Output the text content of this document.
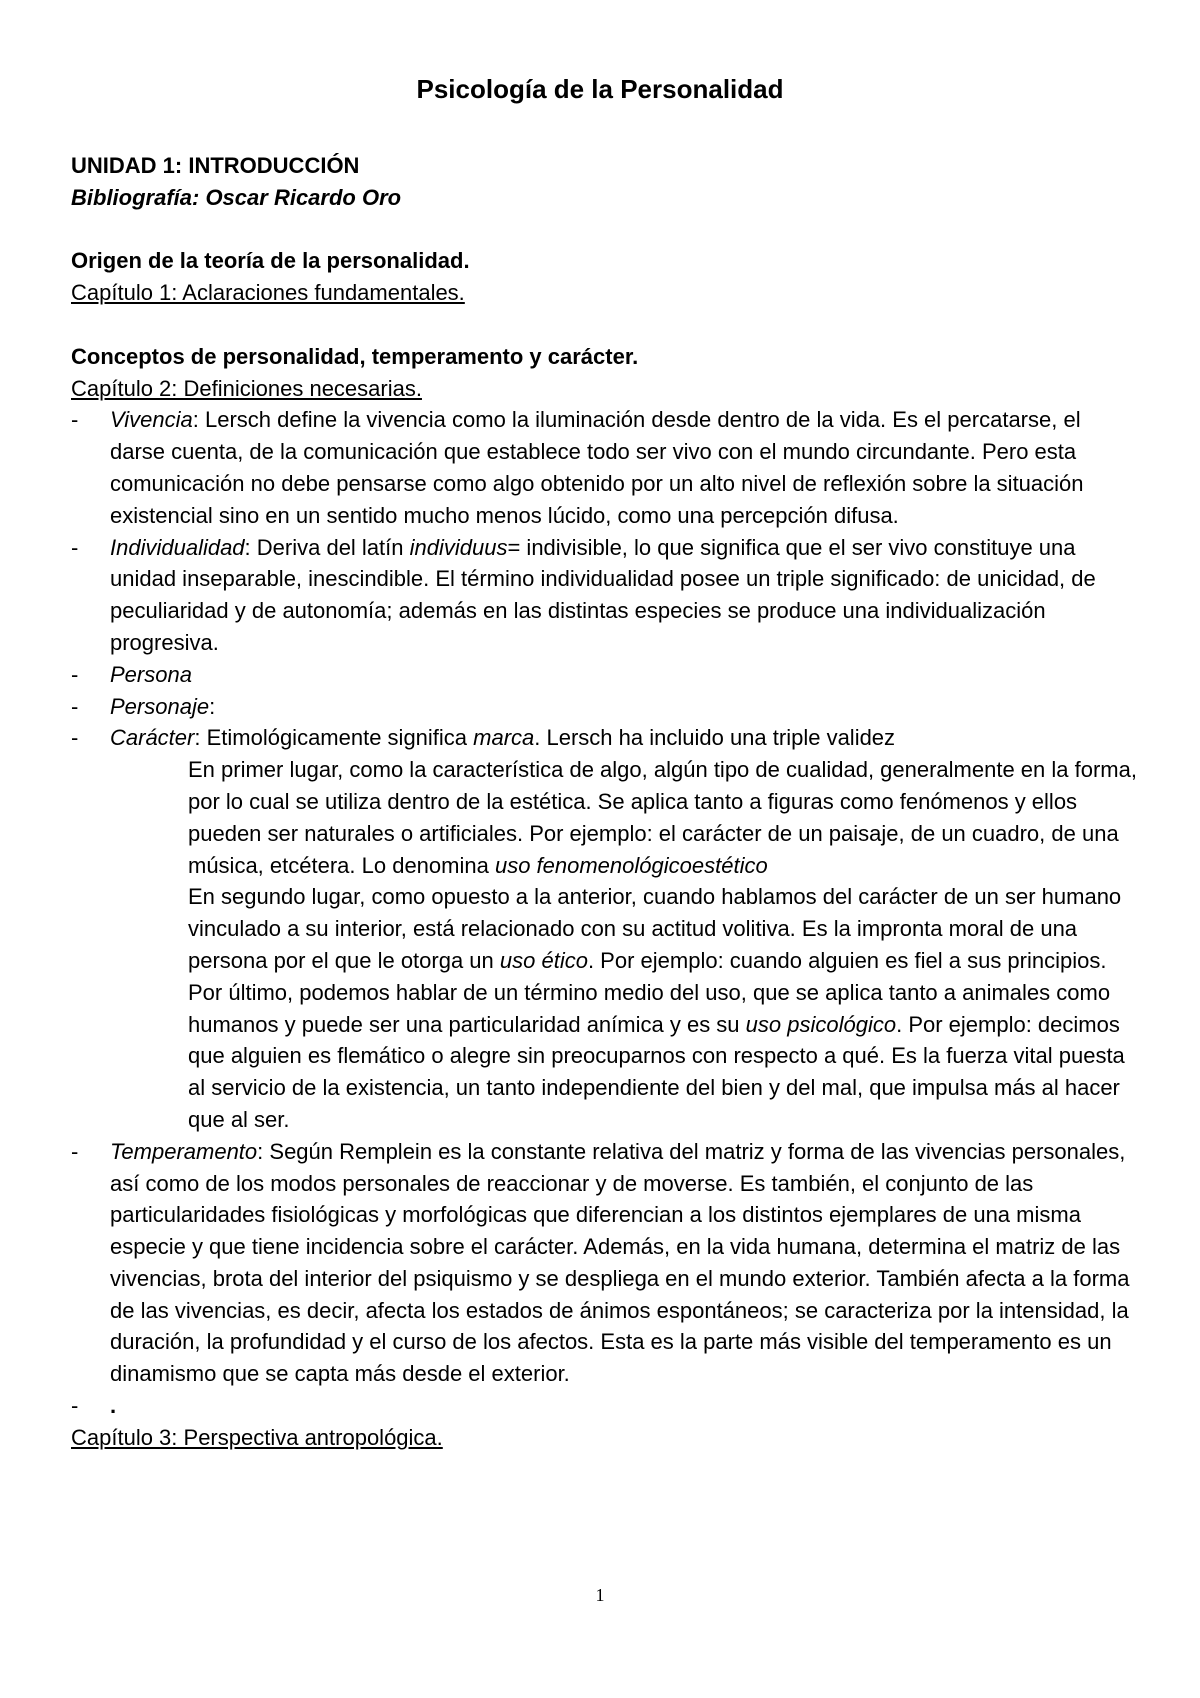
Psicología de la Personalidad
UNIDAD 1: INTRODUCCIÓN
Bibliografía: Oscar Ricardo Oro
Origen de la teoría de la personalidad.
Capítulo 1: Aclaraciones fundamentales.
Conceptos de personalidad, temperamento y carácter.
Capítulo 2: Definiciones necesarias.
- Vivencia: Lersch define la vivencia como la iluminación desde dentro de la vida. Es el percatarse, el darse cuenta, de la comunicación que establece todo ser vivo con el mundo circundante. Pero esta comunicación no debe pensarse como algo obtenido por un alto nivel de reflexión sobre la situación existencial sino en un sentido mucho menos lúcido, como una percepción difusa.
- Individualidad: Deriva del latín individuus= indivisible, lo que significa que el ser vivo constituye una unidad inseparable, inescindible. El término individualidad posee un triple significado: de unicidad, de peculiaridad y de autonomía; además en las distintas especies se produce una individualización progresiva.
- Persona
- Personaje:
- Carácter: Etimológicamente significa marca. Lersch ha incluido una triple validez
En primer lugar, como la característica de algo, algún tipo de cualidad, generalmente en la forma, por lo cual se utiliza dentro de la estética. Se aplica tanto a figuras como fenómenos y ellos pueden ser naturales o artificiales. Por ejemplo: el carácter de un paisaje, de un cuadro, de una música, etcétera. Lo denomina uso fenomenológicoestético
En segundo lugar, como opuesto a la anterior, cuando hablamos del carácter de un ser humano vinculado a su interior, está relacionado con su actitud volitiva. Es la impronta moral de una persona por el que le otorga un uso ético. Por ejemplo: cuando alguien es fiel a sus principios.
Por último, podemos hablar de un término medio del uso, que se aplica tanto a animales como humanos y puede ser una particularidad anímica y es su uso psicológico. Por ejemplo: decimos que alguien es flemático o alegre sin preocuparnos con respecto a qué. Es la fuerza vital puesta al servicio de la existencia, un tanto independiente del bien y del mal, que impulsa más al hacer que al ser.
- Temperamento: Según Remplein es la constante relativa del matriz y forma de las vivencias personales, así como de los modos personales de reaccionar y de moverse. Es también, el conjunto de las particularidades fisiológicas y morfológicas que diferencian a los distintos ejemplares de una misma especie y que tiene incidencia sobre el carácter. Además, en la vida humana, determina el matriz de las vivencias, brota del interior del psiquismo y se despliega en el mundo exterior. También afecta a la forma de las vivencias, es decir, afecta los estados de ánimos espontáneos; se caracteriza por la intensidad, la duración, la profundidad y el curso de los afectos. Esta es la parte más visible del temperamento es un dinamismo que se capta más desde el exterior.
- .
Capítulo 3: Perspectiva antropológica.
1
